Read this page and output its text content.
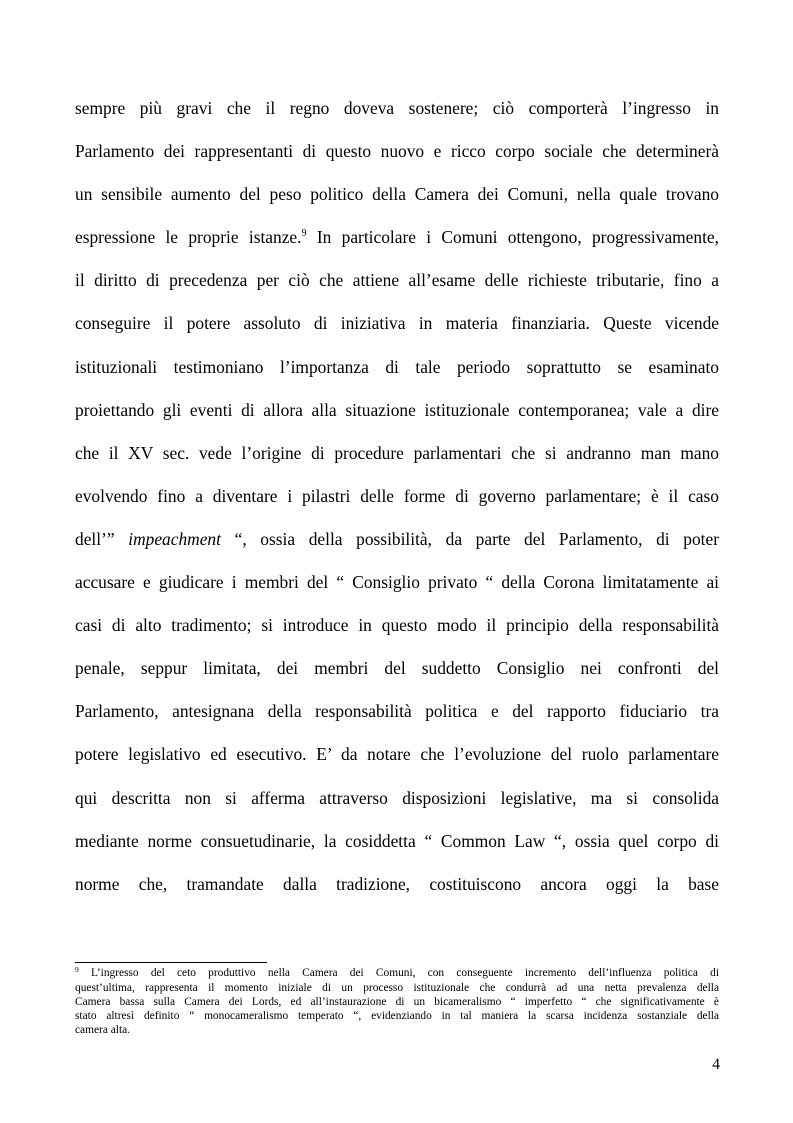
sempre più gravi che il regno doveva sostenere; ciò comporterà l’ingresso in
Parlamento dei rappresentanti di questo nuovo e ricco corpo sociale che determinerà
un sensibile aumento del peso politico della Camera dei Comuni, nella quale trovano
espressione le proprie istanze.$^9$ In particolare i Comuni ottengono, progressivamente,
il diritto di precedenza per ciò che attiene all’esame delle richieste tributarie, fino a
conseguire il potere assoluto di iniziativa in materia finanziaria. Queste vicende
istituzionali testimoniano l’importanza di tale periodo soprattutto se esaminato
proiettando gli eventi di allora alla situazione istituzionale contemporanea; vale a dire
che il XV sec. vede l’origine di procedure parlamentari che si andranno man mano
evolvendo fino a diventare i pilastri delle forme di governo parlamentare; è il caso
dell’” impeachment “, ossia della possibilità, da parte del Parlamento, di poter
accusare e giudicare i membri del “ Consiglio privato “ della Corona limitatamente ai
casi di alto tradimento; si introduce in questo modo il principio della responsabilità
penale, seppur limitata, dei membri del suddetto Consiglio nei confronti del
Parlamento, antesignana della responsabilità politica e del rapporto fiduciario tra
potere legislativo ed esecutivo. E’ da notare che l’evoluzione del ruolo parlamentare
qui descritta non si afferma attraverso disposizioni legislative, ma si consolida
mediante norme consuetudinarie, la cosiddetta “ Common Law “, ossia quel corpo di
norme che, tramandate dalla tradizione, costituiscono ancora oggi la base
$^9$ L’ingresso del ceto produttivo nella Camera dei Comuni, con conseguente incremento dell’influenza politica di
quest’ultima, rappresenta il momento iniziale di un processo istituzionale che condurrà ad una netta prevalenza della
Camera bassa sulla Camera dei Lords, ed all’instaurazione di un bicameralismo “ imperfetto “ che significativamente è
stato altresì definito “ monocameralismo temperato “, evidenziando in tal maniera la scarsa incidenza sostanziale della
camera alta.
4
